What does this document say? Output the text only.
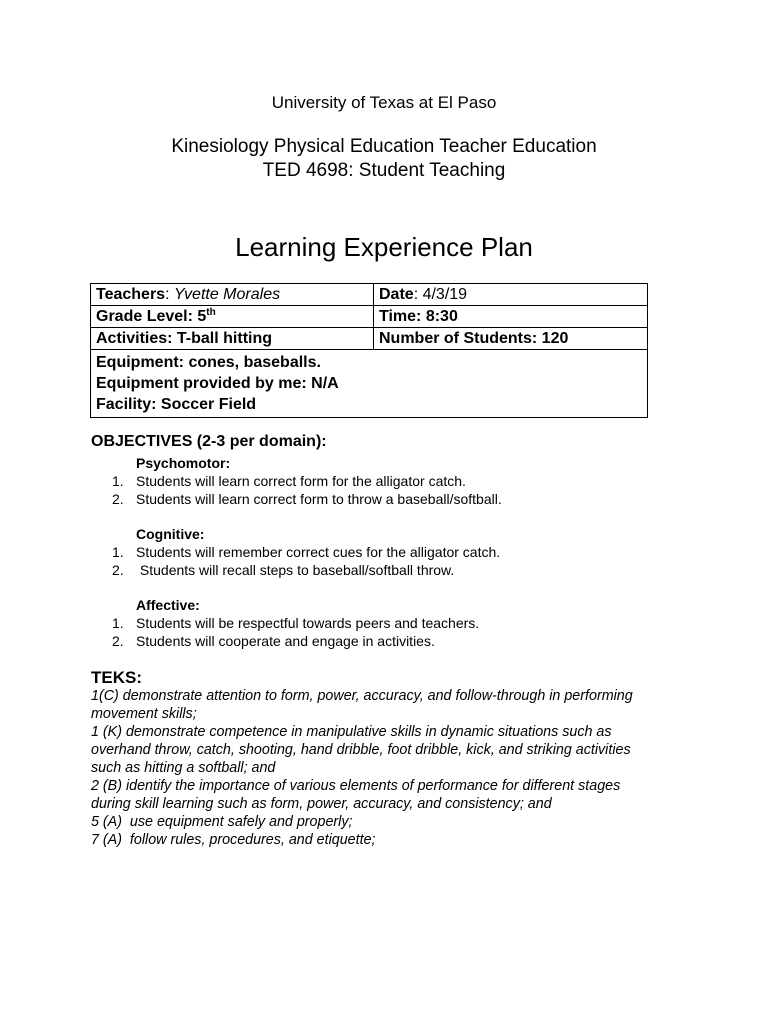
University of Texas at El Paso
Kinesiology Physical Education Teacher Education
TED 4698: Student Teaching
Learning Experience Plan
Teachers: Yvette Morales	Date: 4/3/19
Grade Level: 5th	Time: 8:30
Activities: T-ball hitting	Number of Students: 120

Equipment: cones, baseballs.
Equipment provided by me: N/A
Facility: Soccer Field	
OBJECTIVES (2-3 per domain):
Psychomotor:
1. Students will learn correct form for the alligator catch.
2. Students will learn correct form to throw a baseball/softball.
Cognitive:
1. Students will remember correct cues for the alligator catch.
2. Students will recall steps to baseball/softball throw.
Affective:
1. Students will be respectful towards peers and teachers.
2. Students will cooperate and engage in activities.
TEKS:
1(C) demonstrate attention to form, power, accuracy, and follow-through in performing
movement skills;
1 (K) demonstrate competence in manipulative skills in dynamic situations such as
overhand throw, catch, shooting, hand dribble, foot dribble, kick, and striking activities
such as hitting a softball; and
2 (B) identify the importance of various elements of performance for different stages
during skill learning such as form, power, accuracy, and consistency; and
5 (A)  use equipment safely and properly;
7 (A)  follow rules, procedures, and etiquette;
